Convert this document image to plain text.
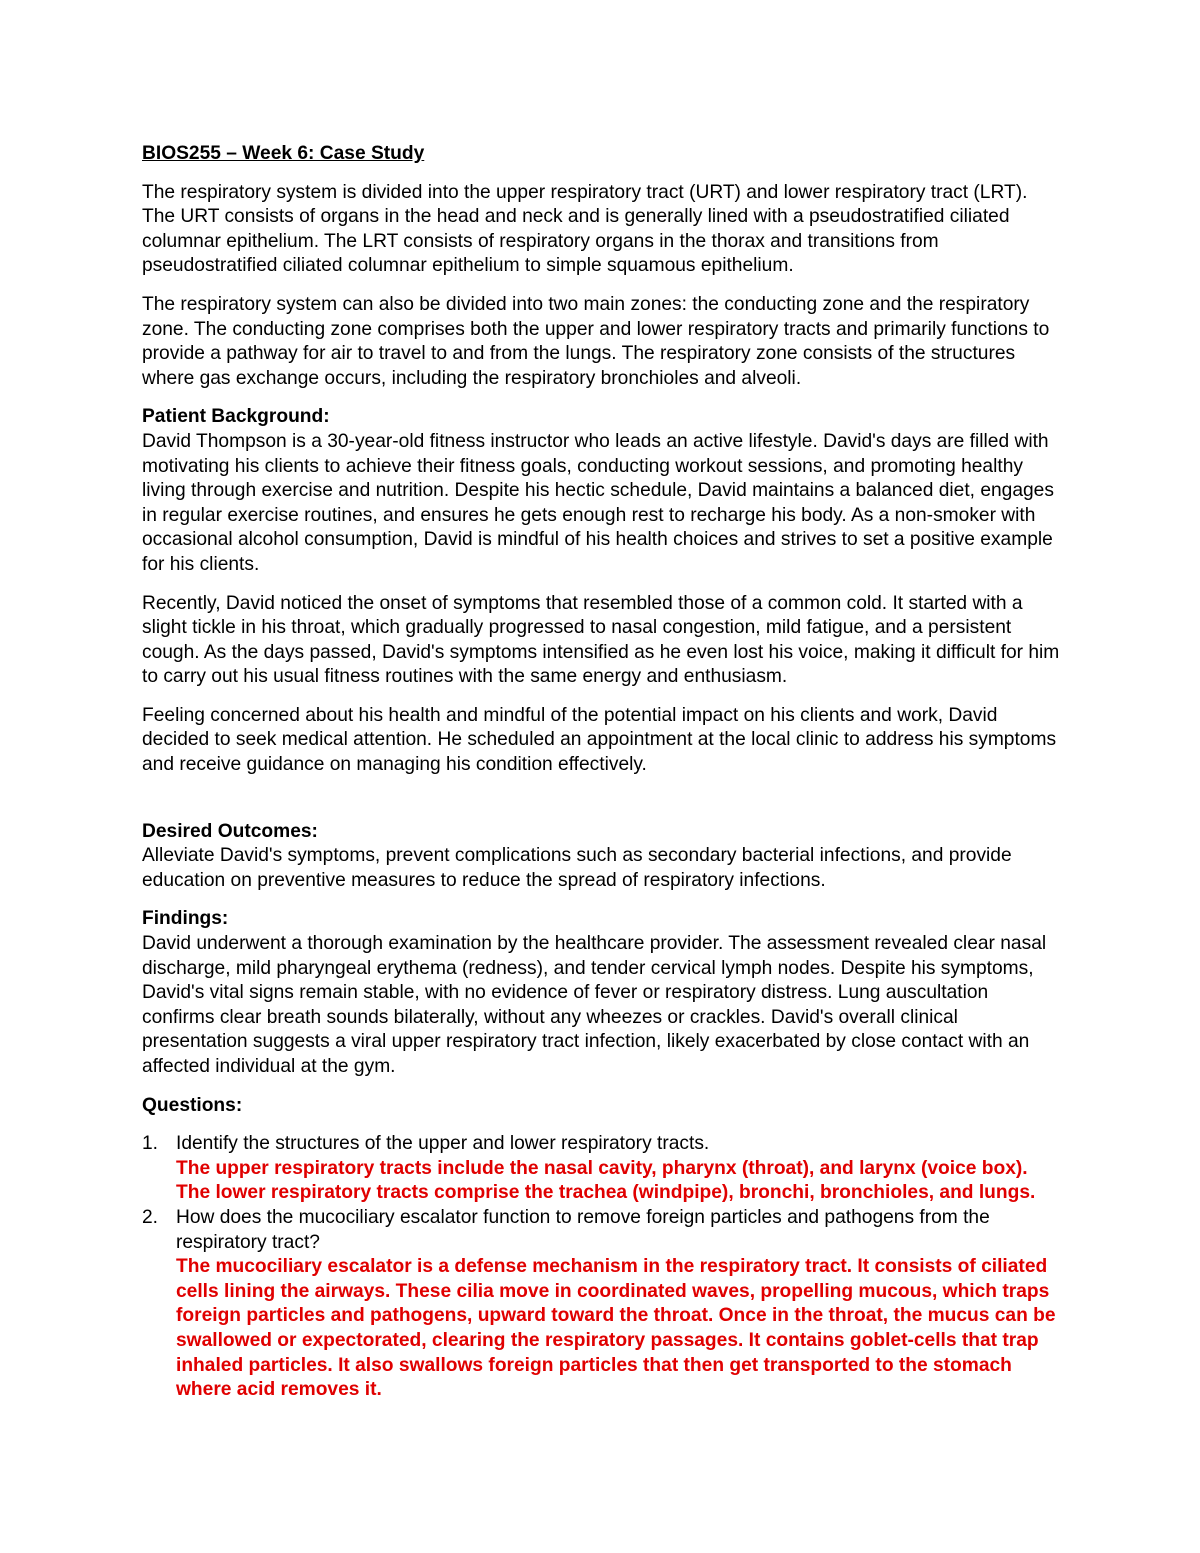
BIOS255 – Week 6: Case Study

The respiratory system is divided into the upper respiratory tract (URT) and lower respiratory tract (LRT). The URT consists of organs in the head and neck and is generally lined with a pseudostratified ciliated columnar epithelium. The LRT consists of respiratory organs in the thorax and transitions from pseudostratified ciliated columnar epithelium to simple squamous epithelium.

The respiratory system can also be divided into two main zones: the conducting zone and the respiratory zone. The conducting zone comprises both the upper and lower respiratory tracts and primarily functions to provide a pathway for air to travel to and from the lungs. The respiratory zone consists of the structures where gas exchange occurs, including the respiratory bronchioles and alveoli.

Patient Background:
David Thompson is a 30-year-old fitness instructor who leads an active lifestyle. David's days are filled with motivating his clients to achieve their fitness goals, conducting workout sessions, and promoting healthy living through exercise and nutrition. Despite his hectic schedule, David maintains a balanced diet, engages in regular exercise routines, and ensures he gets enough rest to recharge his body. As a non-smoker with occasional alcohol consumption, David is mindful of his health choices and strives to set a positive example for his clients.

Recently, David noticed the onset of symptoms that resembled those of a common cold. It started with a slight tickle in his throat, which gradually progressed to nasal congestion, mild fatigue, and a persistent cough. As the days passed, David's symptoms intensified as he even lost his voice, making it difficult for him to carry out his usual fitness routines with the same energy and enthusiasm.

Feeling concerned about his health and mindful of the potential impact on his clients and work, David decided to seek medical attention. He scheduled an appointment at the local clinic to address his symptoms and receive guidance on managing his condition effectively.

Desired Outcomes:
Alleviate David's symptoms, prevent complications such as secondary bacterial infections, and provide education on preventive measures to reduce the spread of respiratory infections.

Findings:
David underwent a thorough examination by the healthcare provider. The assessment revealed clear nasal discharge, mild pharyngeal erythema (redness), and tender cervical lymph nodes. Despite his symptoms, David's vital signs remain stable, with no evidence of fever or respiratory distress. Lung auscultation confirms clear breath sounds bilaterally, without any wheezes or crackles. David's overall clinical presentation suggests a viral upper respiratory tract infection, likely exacerbated by close contact with an affected individual at the gym.

Questions:

1. Identify the structures of the upper and lower respiratory tracts.
The upper respiratory tracts include the nasal cavity, pharynx (throat), and larynx (voice box). The lower respiratory tracts comprise the trachea (windpipe), bronchi, bronchioles, and lungs.
2. How does the mucociliary escalator function to remove foreign particles and pathogens from the respiratory tract?
The mucociliary escalator is a defense mechanism in the respiratory tract. It consists of ciliated cells lining the airways. These cilia move in coordinated waves, propelling mucous, which traps foreign particles and pathogens, upward toward the throat. Once in the throat, the mucus can be swallowed or expectorated, clearing the respiratory passages. It contains goblet-cells that trap inhaled particles. It also swallows foreign particles that then get transported to the stomach where acid removes it.
